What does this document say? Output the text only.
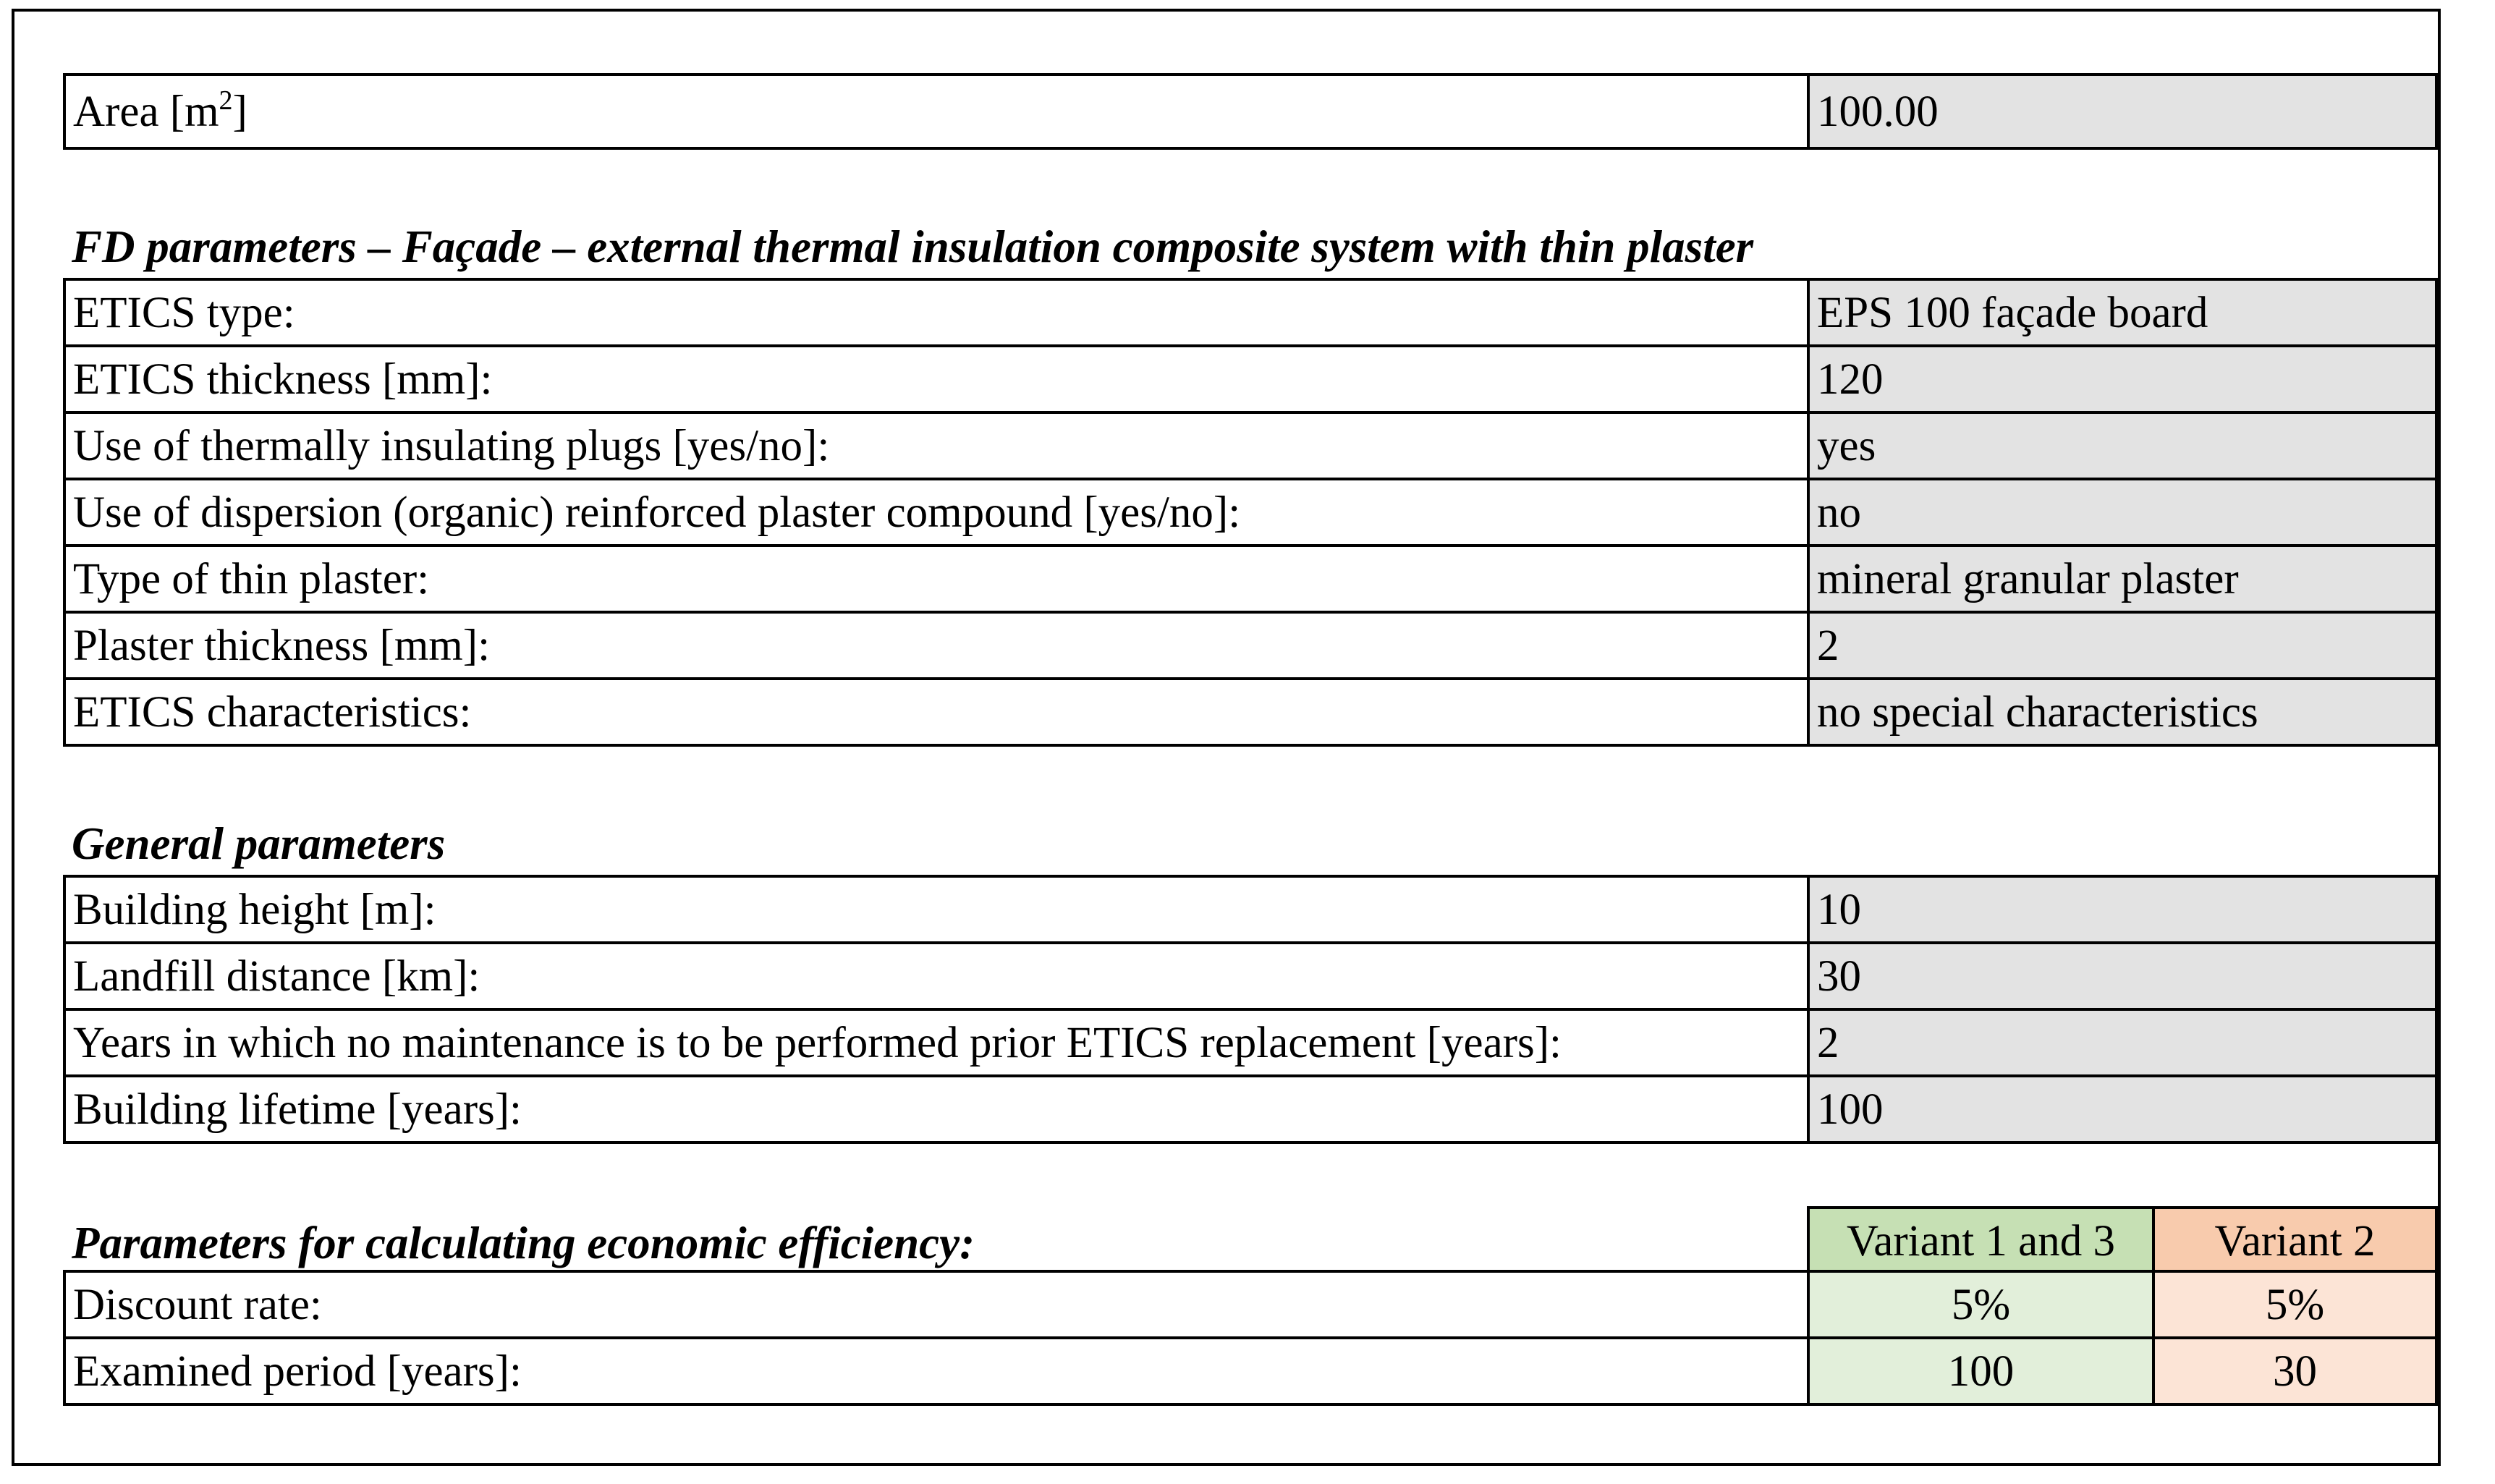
Area $[m^2]$	100.00
FD parameters – Façade – external thermal insulation composite system with thin plaster
ETICS type:	EPS 100 façade board
ETICS thickness [mm]:	120
Use of thermally insulating plugs [yes/no]:	yes
Use of dispersion (organic) reinforced plaster compound [yes/no]:	no
Type of thin plaster:	mineral granular plaster
Plaster thickness [mm]:	2
ETICS characteristics:	no special characteristics
General parameters
Building height [m]:	10
Landfill distance [km]:	30
Years in which no maintenance is to be performed prior ETICS replacement [years]:	2
Building lifetime [years]:	100
Parameters for calculating economic efficiency:	Variant 1 and 3	Variant 2
Discount rate:	5%	5%
Examined period [years]:	100	30
